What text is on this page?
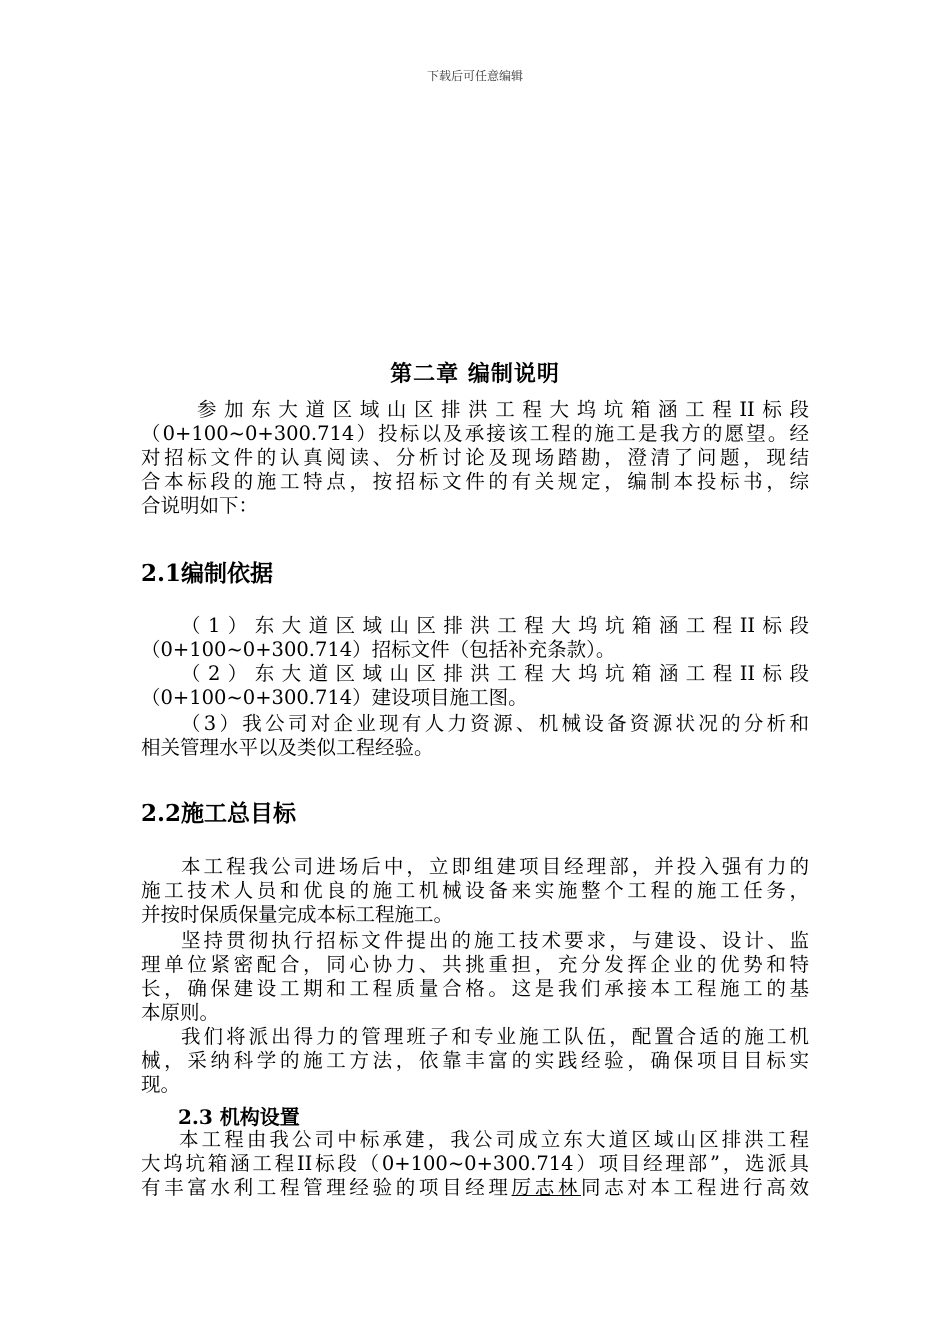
下载后可任意编辑
第二章 编制说明
参加东大道区域山区排洪工程大坞坑箱涵工程II标段
（0+100~0+300.714）投标以及承接该工程的施工是我方的愿望。经
对招标文件的认真阅读、分析讨论及现场踏勘，澄清了问题，现结
合本标段的施工特点，按招标文件的有关规定，编制本投标书，综
合说明如下：
2.1编制依据
（1）东大道区域山区排洪工程大坞坑箱涵工程II标段
（0+100~0+300.714）招标文件（包括补充条款）。
（2）东大道区域山区排洪工程大坞坑箱涵工程II标段
（0+100~0+300.714）建设项目施工图。
（3）我公司对企业现有人力资源、机械设备资源状况的分析和
相关管理水平以及类似工程经验。
2.2施工总目标
本工程我公司进场后中，立即组建项目经理部，并投入强有力的
施工技术人员和优良的施工机械设备来实施整个工程的施工任务，
并按时保质保量完成本标工程施工。
坚持贯彻执行招标文件提出的施工技术要求，与建设、设计、监
理单位紧密配合，同心协力、共挑重担，充分发挥企业的优势和特
长，确保建设工期和工程质量合格。这是我们承接本工程施工的基
本原则。
我们将派出得力的管理班子和专业施工队伍，配置合适的施工机
械，采纳科学的施工方法，依靠丰富的实践经验，确保项目目标实
现。
2.3 机构设置
本工程由我公司中标承建，我公司成立东大道区域山区排洪工程
大坞坑箱涵工程II标段（0+100~0+300.714）项目经理部”，选派具
有丰富水利工程管理经验的项目经理厉志林同志对本工程进行高效
